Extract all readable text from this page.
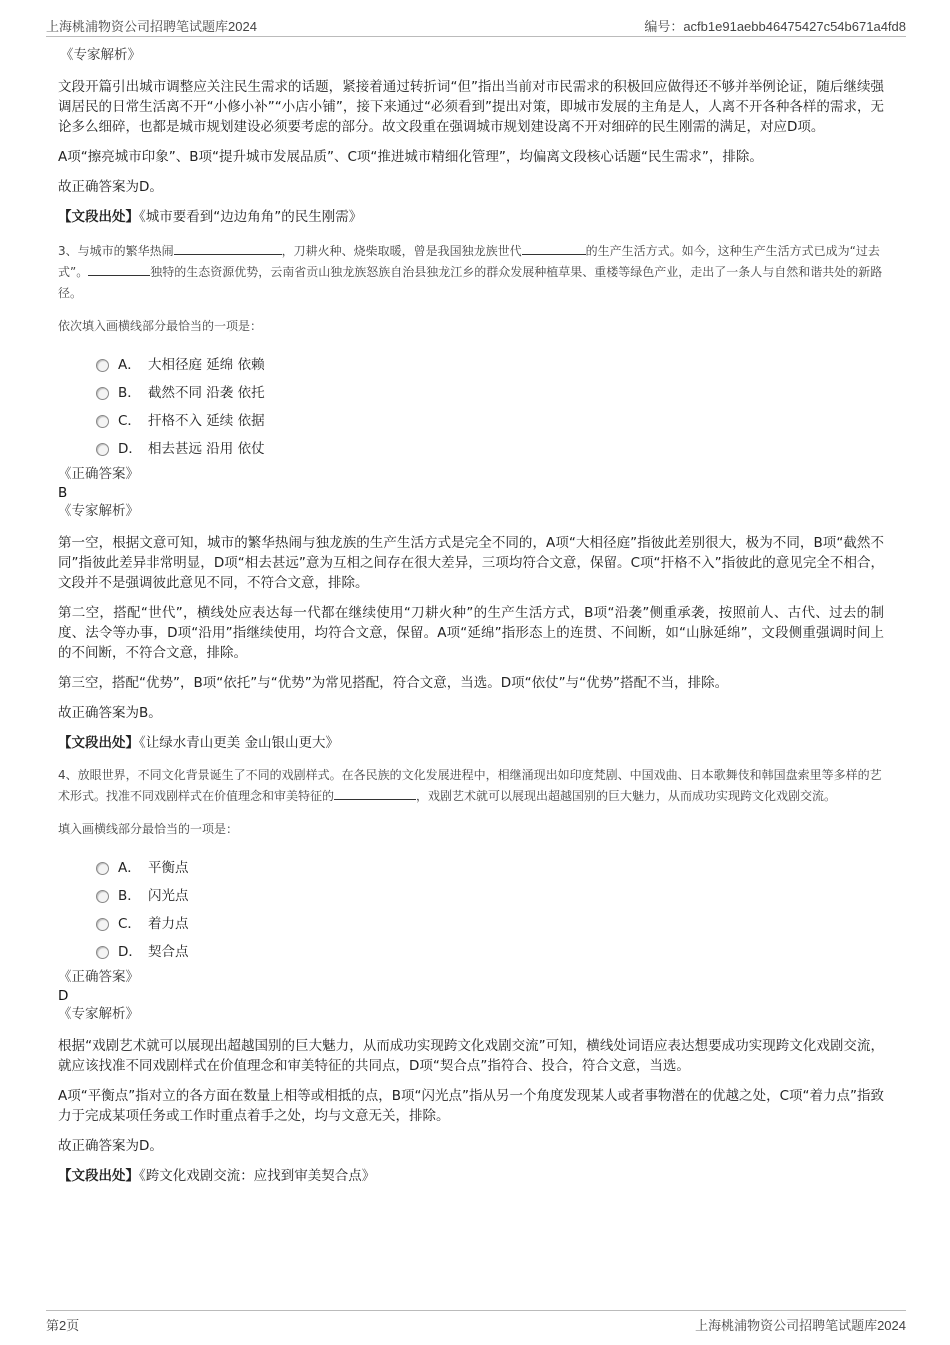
上海桃浦物资公司招聘笔试题库2024	编号：acfb1e91aebb46475427c54b671a4fd8
《专家解析》

文段开篇引出城市调整应关注民生需求的话题，紧接着通过转折词“但”指出当前对市民需求的积极回应做得还不够并举例论证，随后继续强调居民的日常生活离不开“小修小补”“小店小铺”，接下来通过“必须看到”提出对策，即城市发展的主角是人，人离不开各种各样的需求，无论多么细碎，也都是城市规划建设必须要考虑的部分。故文段重在强调城市规划建设离不开对细碎的民生刚需的满足，对应D项。

A项“擦亮城市印象”、B项“提升城市发展品质”、C项“推进城市精细化管理”，均偏离文段核心话题“民生需求”，排除。

故正确答案为D。

【文段出处】《城市要看到“边边角角”的民生刚需》

3、与城市的繁华热闹	，刀耕火种、烧柴取暖，曾是我国独龙族世代	的生产生活方式。如今，这种生产生活方式已成为“过去式”。	独特的生态资源优势，云南省贡山独龙族怒族自治县独龙江乡的群众发展种植草果、重楼等绿色产业，走出了一条人与自然和谐共处的新路径。

依次填入画横线部分最恰当的一项是：

A． 大相径庭 延绵 依赖
B． 截然不同 沿袭 依托
C． 扞格不入 延续 依据
D． 相去甚远 沿用 依仗
《正确答案》
B
《专家解析》

第一空，根据文意可知，城市的繁华热闹与独龙族的生产生活方式是完全不同的，A项“大相径庭”指彼此差别很大，极为不同，B项“截然不同”指彼此差异非常明显，D项“相去甚远”意为互相之间存在很大差异，三项均符合文意，保留。C项“扞格不入”指彼此的意见完全不相合，文段并不是强调彼此意见不同，不符合文意，排除。

第二空，搭配“世代”，横线处应表达每一代都在继续使用“刀耕火种”的生产生活方式，B项“沿袭”侧重承袭，按照前人、古代、过去的制度、法令等办事，D项“沿用”指继续使用，均符合文意，保留。A项“延绵”指形态上的连贯、不间断，如“山脉延绵”，文段侧重强调时间上的不间断，不符合文意，排除。

第三空，搭配“优势”，B项“依托”与“优势”为常见搭配，符合文意，当选。D项“依仗”与“优势”搭配不当，排除。

故正确答案为B。

【文段出处】《让绿水青山更美 金山银山更大》

4、放眼世界，不同文化背景诞生了不同的戏剧样式。在各民族的文化发展进程中，相继涌现出如印度梵剧、中国戏曲、日本歌舞伎和韩国盘索里等多样的艺术形式。找准不同戏剧样式在价值理念和审美特征的	，戏剧艺术就可以展现出超越国别的巨大魅力，从而成功实现跨文化戏剧交流。

填入画横线部分最恰当的一项是：

A． 平衡点
B． 闪光点
C． 着力点
D． 契合点
《正确答案》
D
《专家解析》

根据“戏剧艺术就可以展现出超越国别的巨大魅力，从而成功实现跨文化戏剧交流”可知，横线处词语应表达想要成功实现跨文化戏剧交流，就应该找准不同戏剧样式在价值理念和审美特征的共同点，D项“契合点”指符合、投合，符合文意，当选。

A项“平衡点”指对立的各方面在数量上相等或相抵的点，B项“闪光点”指从另一个角度发现某人或者事物潜在的优越之处，C项“着力点”指致力于完成某项任务或工作时重点着手之处，均与文意无关，排除。

故正确答案为D。

【文段出处】《跨文化戏剧交流：应找到审美契合点》
第2页	上海桃浦物资公司招聘笔试题库2024
